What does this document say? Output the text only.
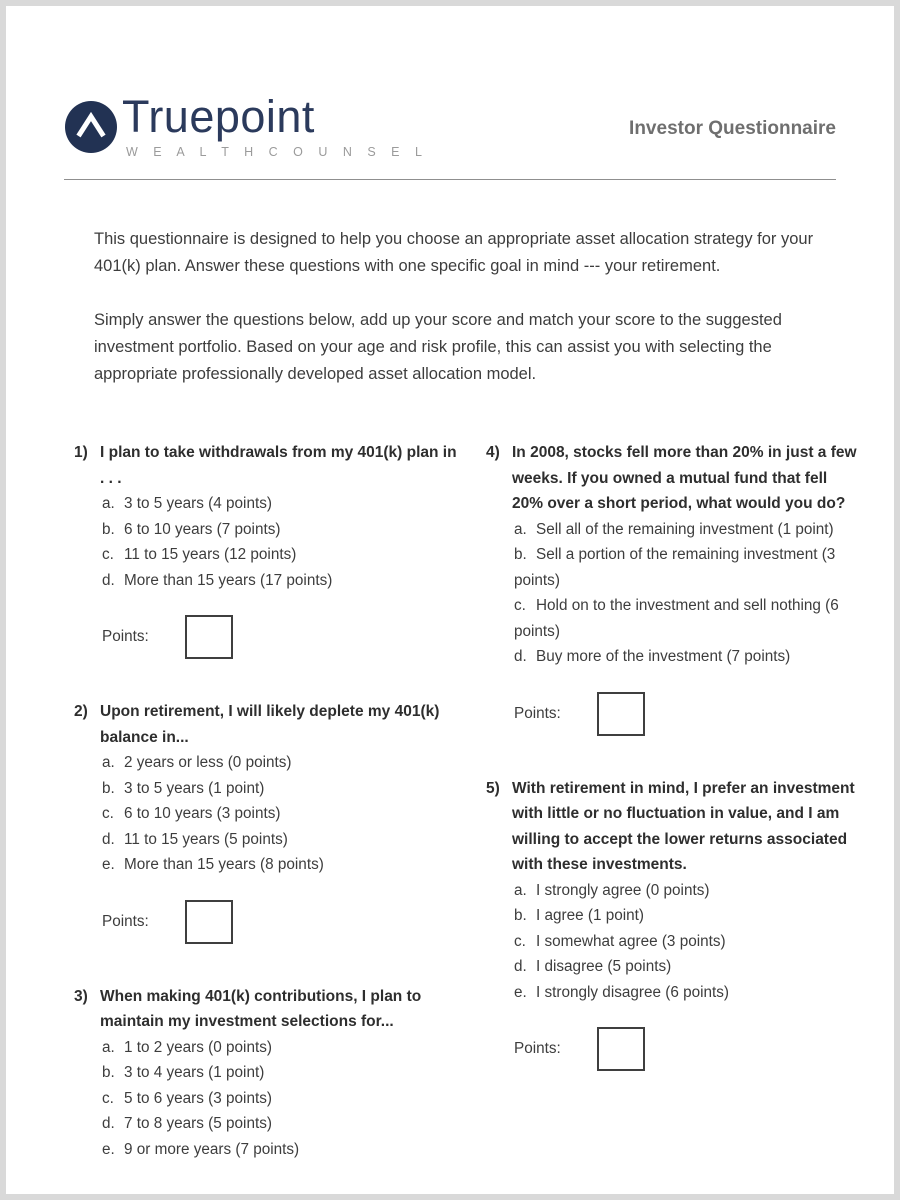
Truepoint
W E A L T H C O U N S E L
Investor Questionnaire

This questionnaire is designed to help you choose an appropriate asset allocation strategy for your 401(k) plan. Answer these questions with one specific goal in mind --- your retirement.

Simply answer the questions below, add up your score and match your score to the suggested investment portfolio. Based on your age and risk profile, this can assist you with selecting the appropriate professionally developed asset allocation model.

1) I plan to take withdrawals from my 401(k) plan in . . .
a. 3 to 5 years (4 points)
b. 6 to 10 years (7 points)
c. 11 to 15 years (12 points)
d. More than 15 years (17 points)
Points:
2) Upon retirement, I will likely deplete my 401(k) balance in...
a. 2 years or less (0 points)
b. 3 to 5 years (1 point)
c. 6 to 10 years (3 points)
d. 11 to 15 years (5 points)
e. More than 15 years (8 points)
Points:
3) When making 401(k) contributions, I plan to maintain my investment selections for...
a. 1 to 2 years (0 points)
b. 3 to 4 years (1 point)
c. 5 to 6 years (3 points)
d. 7 to 8 years (5 points)
e. 9 or more years (7 points)
4) In 2008, stocks fell more than 20% in just a few weeks. If you owned a mutual fund that fell 20% over a short period, what would you do?
a. Sell all of the remaining investment (1 point)
b. Sell a portion of the remaining investment (3 points)
c. Hold on to the investment and sell nothing (6 points)
d. Buy more of the investment (7 points)
Points:
5) With retirement in mind, I prefer an investment with little or no fluctuation in value, and I am willing to accept the lower returns associated with these investments.
a. I strongly agree (0 points)
b. I agree (1 point)
c. I somewhat agree (3 points)
d. I disagree (5 points)
e. I strongly disagree (6 points)
Points:
